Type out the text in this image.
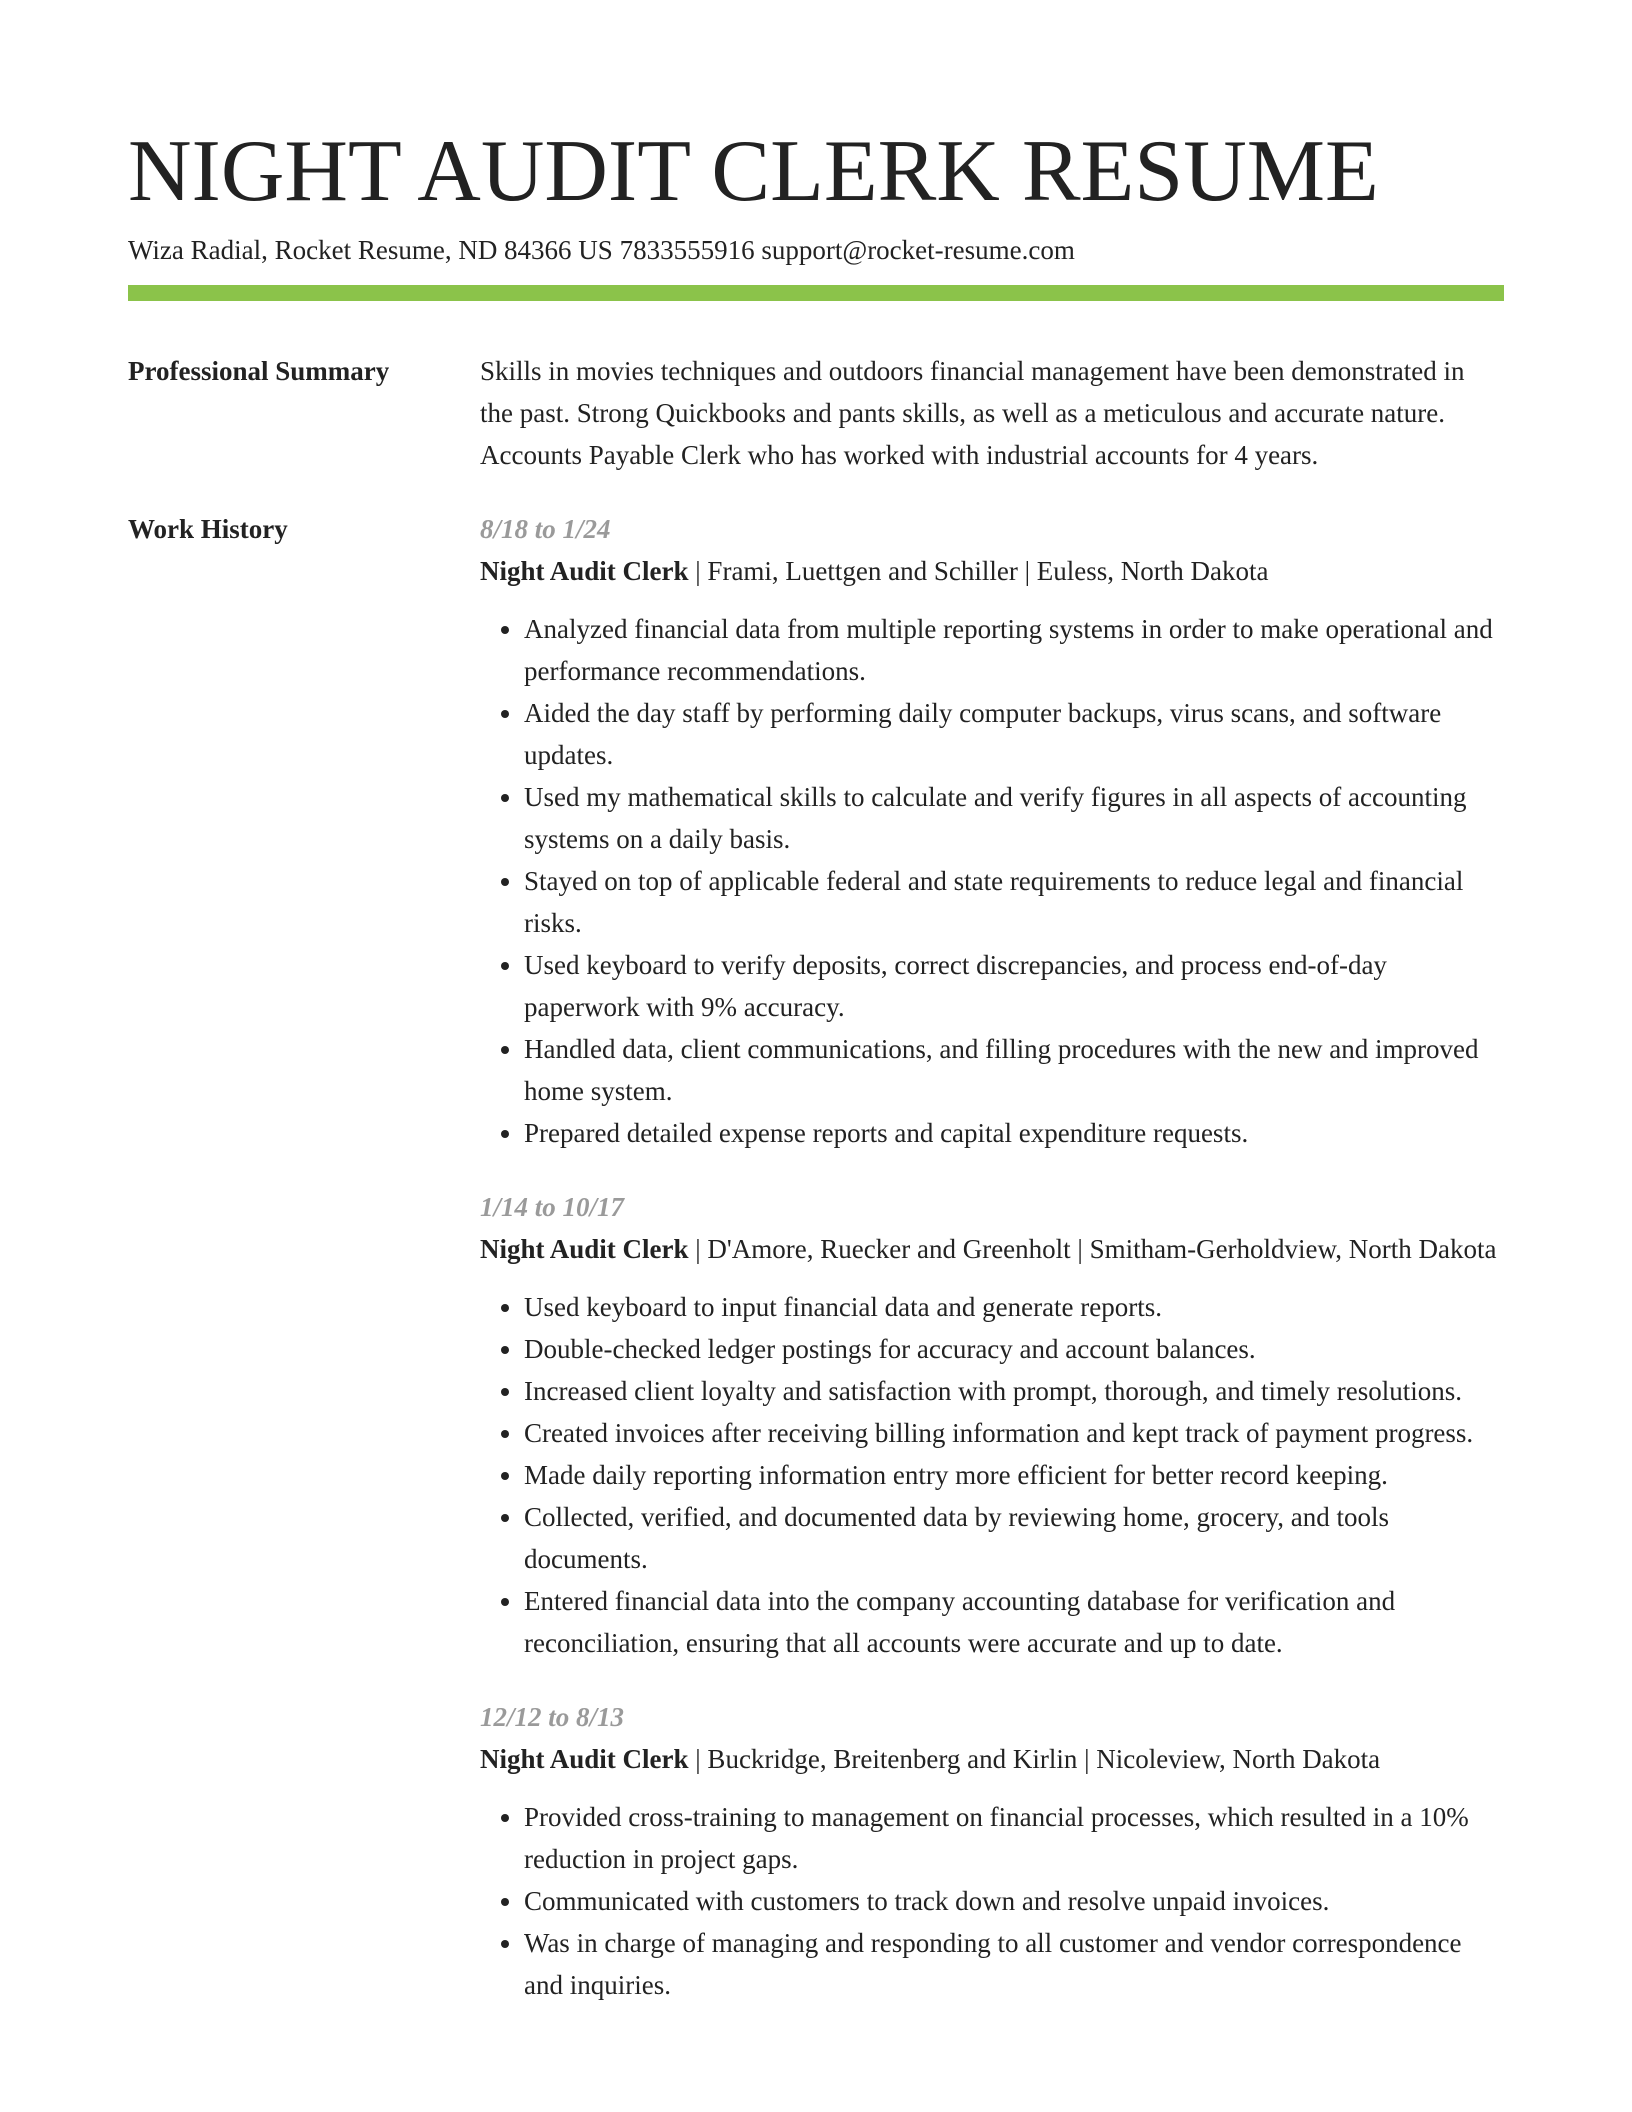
NIGHT AUDIT CLERK RESUME
Wiza Radial, Rocket Resume, ND 84366 US 7833555916 support@rocket-resume.com
Professional Summary	Skills in movies techniques and outdoors financial management have been demonstrated in the past. Strong Quickbooks and pants skills, as well as a meticulous and accurate nature. Accounts Payable Clerk who has worked with industrial accounts for 4 years.

Work History	8/18 to 1/24

Night Audit Clerk | Frami, Luettgen and Schiller | Euless, North Dakota

• Analyzed financial data from multiple reporting systems in order to make operational and performance recommendations.
• Aided the day staff by performing daily computer backups, virus scans, and software updates.
• Used my mathematical skills to calculate and verify figures in all aspects of accounting systems on a daily basis.
• Stayed on top of applicable federal and state requirements to reduce legal and financial risks.
• Used keyboard to verify deposits, correct discrepancies, and process end-of-day paperwork with 9% accuracy.
• Handled data, client communications, and filling procedures with the new and improved home system.
• Prepared detailed expense reports and capital expenditure requests.

1/14 to 10/17

Night Audit Clerk | D'Amore, Ruecker and Greenholt | Smitham-Gerholdview, North Dakota

• Used keyboard to input financial data and generate reports.
• Double-checked ledger postings for accuracy and account balances.
• Increased client loyalty and satisfaction with prompt, thorough, and timely resolutions.
• Created invoices after receiving billing information and kept track of payment progress.
• Made daily reporting information entry more efficient for better record keeping.
• Collected, verified, and documented data by reviewing home, grocery, and tools documents.
• Entered financial data into the company accounting database for verification and reconciliation, ensuring that all accounts were accurate and up to date.

12/12 to 8/13

Night Audit Clerk | Buckridge, Breitenberg and Kirlin | Nicoleview, North Dakota

• Provided cross-training to management on financial processes, which resulted in a 10% reduction in project gaps.
• Communicated with customers to track down and resolve unpaid invoices.
• Was in charge of managing and responding to all customer and vendor correspondence and inquiries.
